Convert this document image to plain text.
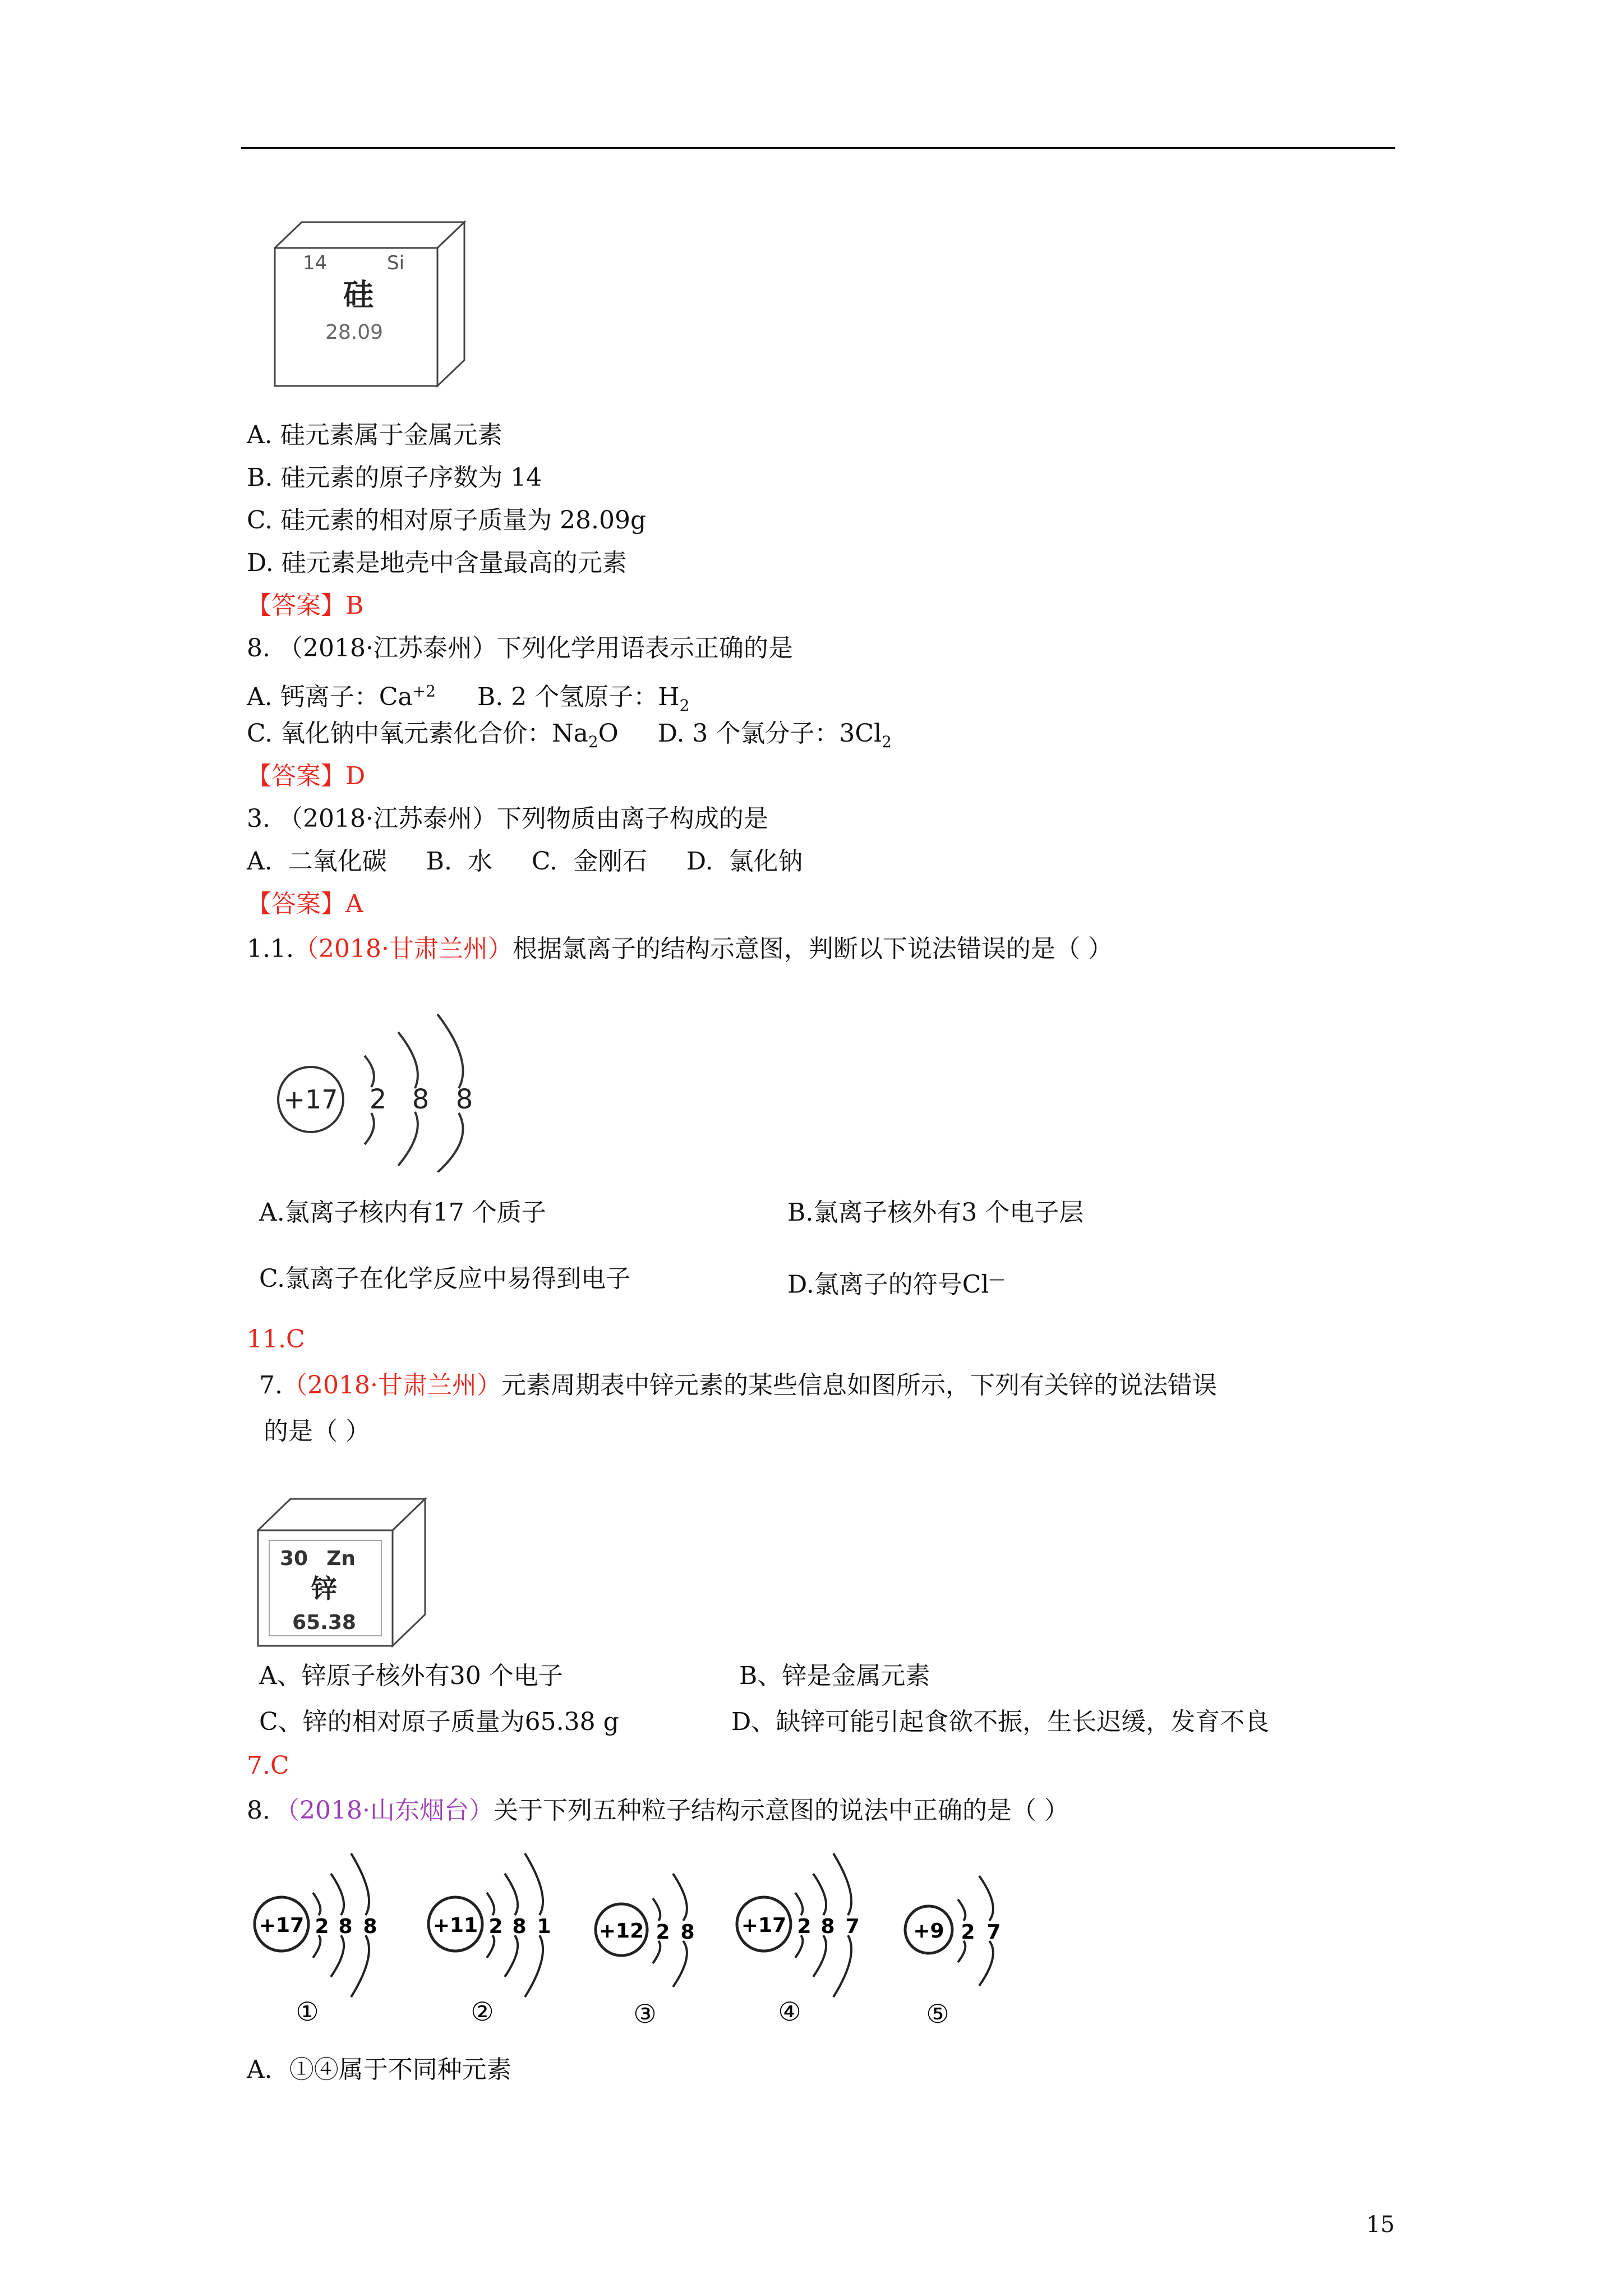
14	Si
硅
28.09
A. 硅元素属于金属元素
B. 硅元素的原子序数为 14
C. 硅元素的相对原子质量为 28.09g
D. 硅元素是地壳中含量最高的元素
【答案】B
8. （2018·江苏泰州）下列化学用语表示正确的是
A. 钙离子：$Ca^{+2}$ B. 2 个氢原子：$H_2$
C. 氧化钠中氧元素化合价：$Na_2O$ D. 3 个氯分子：$3Cl_2$
【答案】D
3. （2018·江苏泰州）下列物质由离子构成的是
A.  二氧化碳     B.  水     C.  金刚石     D.  氯化钠
【答案】A
1.1.（2018·甘肃兰州）根据氯离子的结构示意图，判断以下说法错误的是（ ）
+17 2 8 8
A.氯离子核内有17 个质子	B.氯离子核外有3 个电子层
C.氯离子在化学反应中易得到电子	D.氯离子的符号Cl—
11.C
7.（2018·甘肃兰州）元素周期表中锌元素的某些信息如图所示，下列有关锌的说法错误
的是（ ）
30 Zn
锌
65.38
A、锌原子核外有30 个电子	B、锌是金属元素
C、锌的相对原子质量为65.38 g	D、缺锌可能引起食欲不振，生长迟缓，发育不良
7.C
8．（2018·山东烟台）关于下列五种粒子结构示意图的说法中正确的是（ ）
+17 2 8 8
①
+11 2 8 1
②
+12 2 8
③
+17 2 8 7
④
+9 2 7
⑤
A．①④属于不同种元素
15
